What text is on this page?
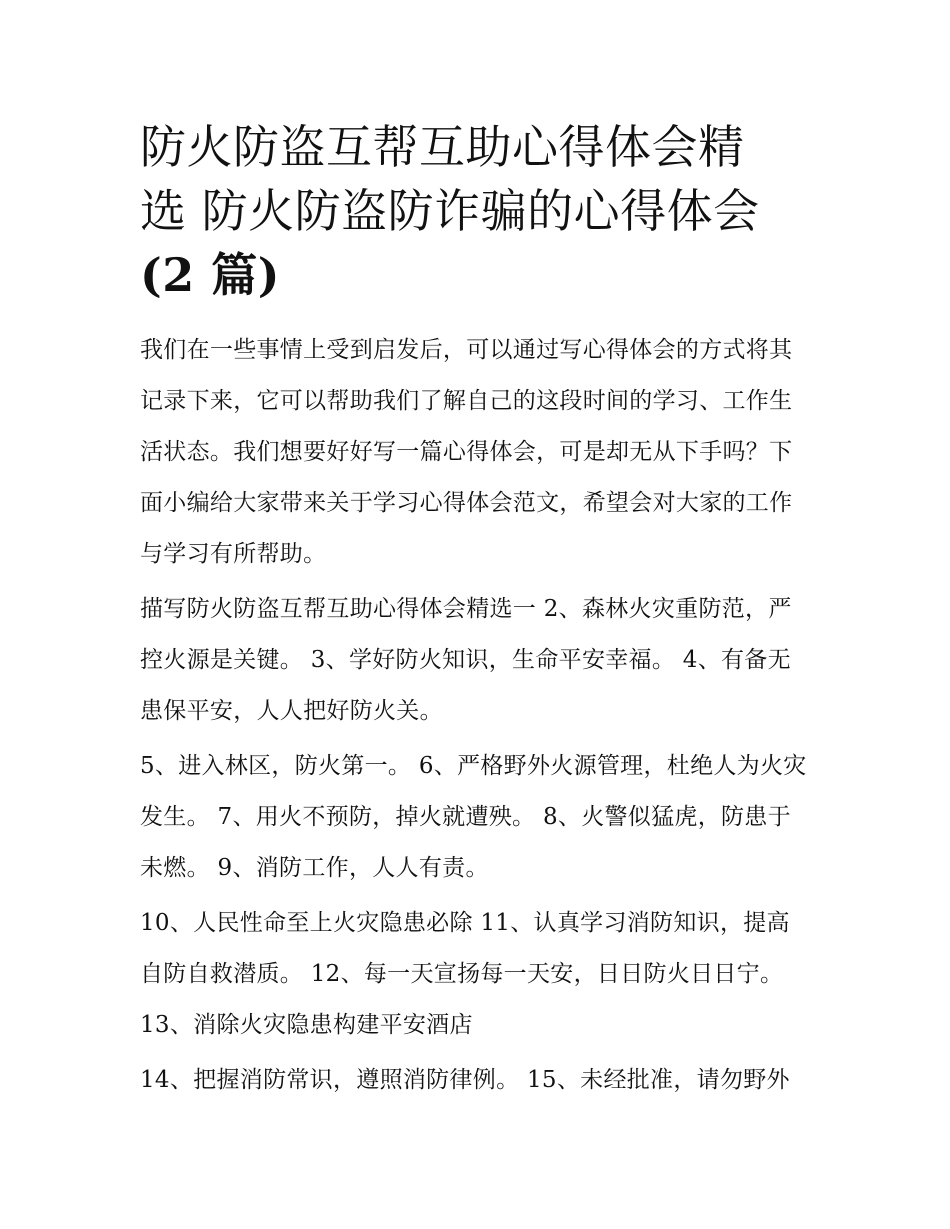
防火防盗互帮互助心得体会精
选 防火防盗防诈骗的心得体会
(2 篇)

我们在一些事情上受到启发后，可以通过写心得体会的方式将其记录下来，它可以帮助我们了解自己的这段时间的学习、工作生活状态。我们想要好好写一篇心得体会，可是却无从下手吗？下面小编给大家带来关于学习心得体会范文，希望会对大家的工作与学习有所帮助。

描写防火防盗互帮互助心得体会精选一 2、森林火灾重防范，严控火源是关键。 3、学好防火知识，生命平安幸福。 4、有备无患保平安，人人把好防火关。

5、进入林区，防火第一。 6、严格野外火源管理，杜绝人为火灾发生。 7、用火不预防，掉火就遭殃。 8、火警似猛虎，防患于未燃。 9、消防工作，人人有责。

10、人民性命至上火灾隐患必除 11、认真学习消防知识，提高自防自救潜质。 12、每一天宣扬每一天安，日日防火日日宁。 13、消除火灾隐患构建平安酒店

14、把握消防常识，遵照消防律例。 15、未经批准，请勿野外
